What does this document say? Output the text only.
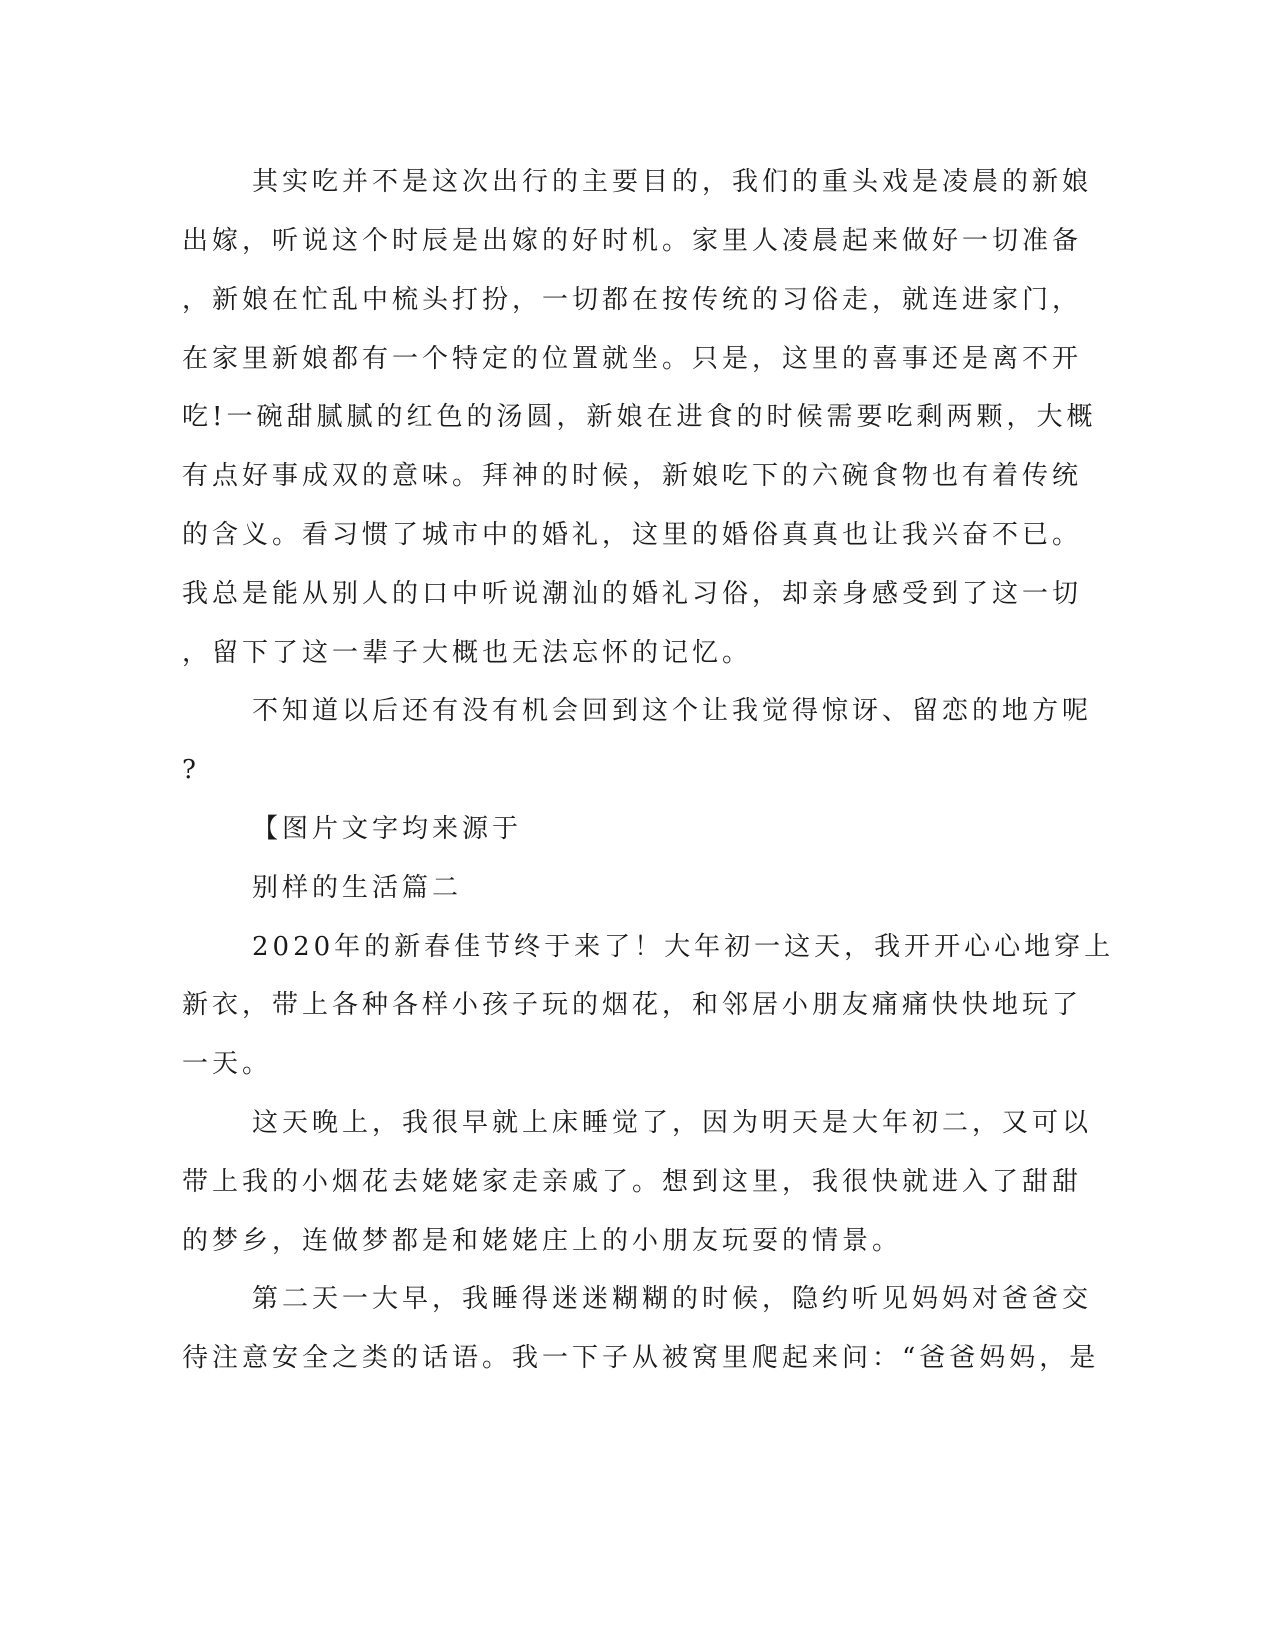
其实吃并不是这次出行的主要目的，我们的重头戏是凌晨的新娘
出嫁，听说这个时辰是出嫁的好时机。家里人凌晨起来做好一切准备
，新娘在忙乱中梳头打扮，一切都在按传统的习俗走，就连进家门，
在家里新娘都有一个特定的位置就坐。只是，这里的喜事还是离不开
吃!一碗甜腻腻的红色的汤圆，新娘在进食的时候需要吃剩两颗，大概
有点好事成双的意味。拜神的时候，新娘吃下的六碗食物也有着传统
的含义。看习惯了城市中的婚礼，这里的婚俗真真也让我兴奋不已。
我总是能从别人的口中听说潮汕的婚礼习俗，却亲身感受到了这一切
，留下了这一辈子大概也无法忘怀的记忆。
不知道以后还有没有机会回到这个让我觉得惊讶、留恋的地方呢
?
【图片文字均来源于
别样的生活篇二
2020年的新春佳节终于来了！大年初一这天，我开开心心地穿上
新衣，带上各种各样小孩子玩的烟花，和邻居小朋友痛痛快快地玩了
一天。
这天晚上，我很早就上床睡觉了，因为明天是大年初二，又可以
带上我的小烟花去姥姥家走亲戚了。想到这里，我很快就进入了甜甜
的梦乡，连做梦都是和姥姥庄上的小朋友玩耍的情景。
第二天一大早，我睡得迷迷糊糊的时候，隐约听见妈妈对爸爸交
待注意安全之类的话语。我一下子从被窝里爬起来问：“爸爸妈妈，是
